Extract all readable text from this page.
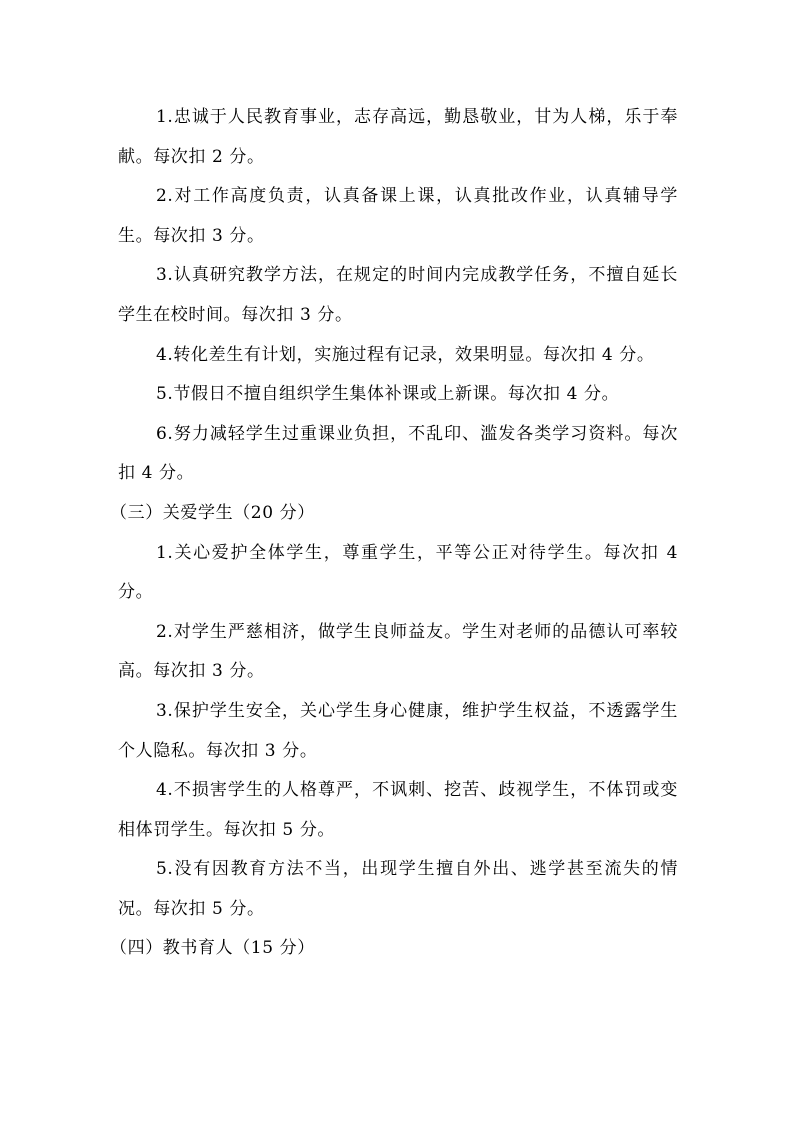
1.忠诚于人民教育事业，志存高远，勤恳敬业，甘为人梯，乐于奉献。每次扣 2 分。

2.对工作高度负责，认真备课上课，认真批改作业，认真辅导学生。每次扣 3 分。

3.认真研究教学方法，在规定的时间内完成教学任务，不擅自延长学生在校时间。每次扣 3 分。

4.转化差生有计划，实施过程有记录，效果明显。每次扣 4 分。

5.节假日不擅自组织学生集体补课或上新课。每次扣 4 分。

6.努力减轻学生过重课业负担，不乱印、滥发各类学习资料。每次扣 4 分。

（三）关爱学生（20 分）

1.关心爱护全体学生，尊重学生，平等公正对待学生。每次扣 4 分。

2.对学生严慈相济，做学生良师益友。学生对老师的品德认可率较高。每次扣 3 分。

3.保护学生安全，关心学生身心健康，维护学生权益，不透露学生个人隐私。每次扣 3 分。

4.不损害学生的人格尊严，不讽刺、挖苦、歧视学生，不体罚或变相体罚学生。每次扣 5 分。

5.没有因教育方法不当，出现学生擅自外出、逃学甚至流失的情况。每次扣 5 分。

（四）教书育人（15 分）
